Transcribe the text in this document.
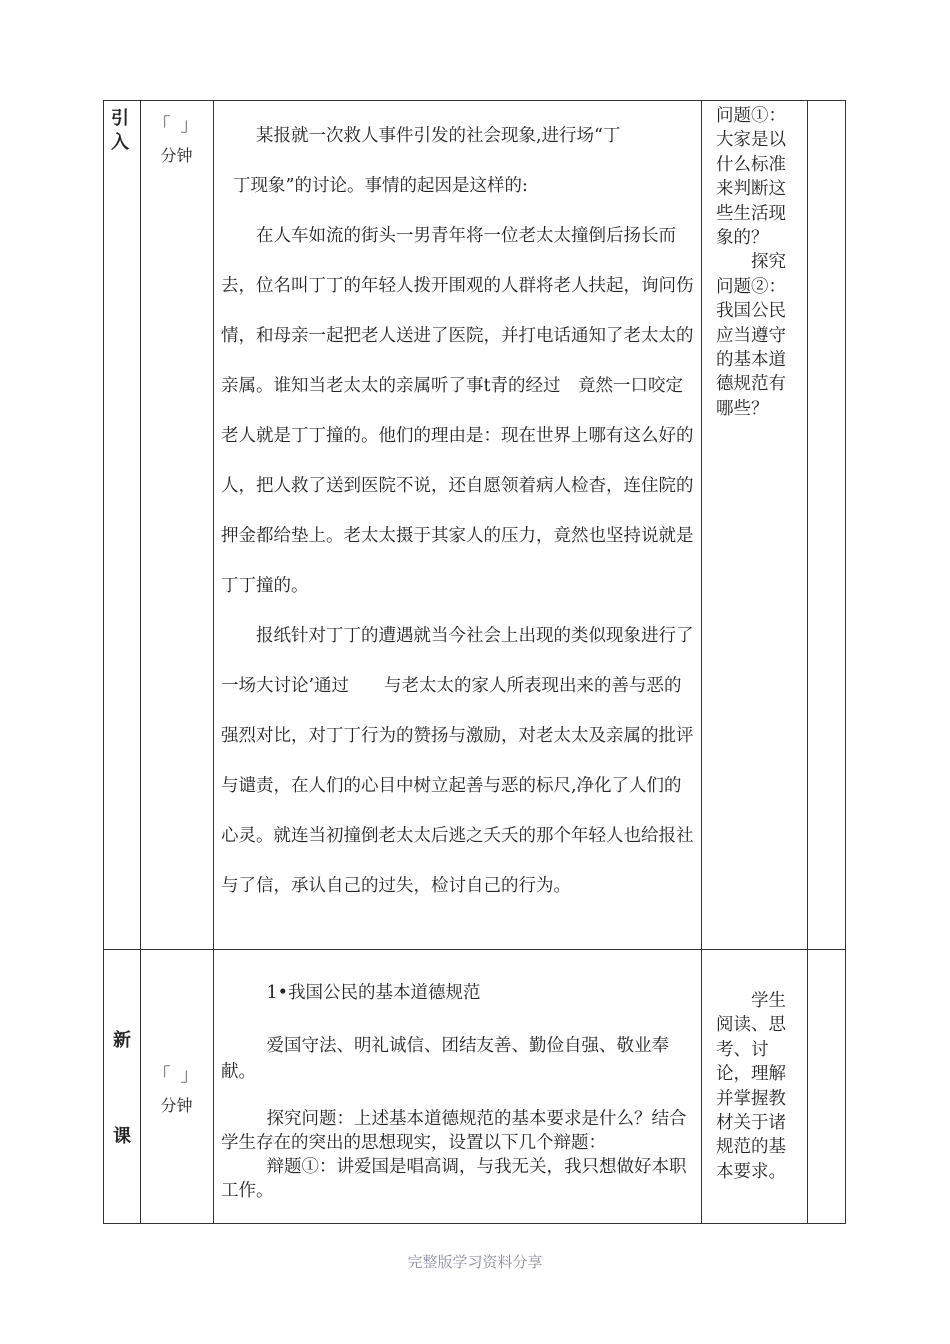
引入
「 」
分钟

某报就一次救人事件引发的社会现象,进行场“丁

丁现象”的讨论。事情的起因是这样的:

在人车如流的街头一男青年将一位老太太撞倒后扬长而去，位名叫丁丁的年轻人拨开围观的人群将老人扶起，询问伤情，和母亲一起把老人送进了医院，并打电话通知了老太太的亲属。谁知当老太太的亲属听了事t青的经过　竟然一口咬定老人就是丁丁撞的。他们的理由是：现在世界上哪有这么好的人，把人救了送到医院不说，还自愿领着病人检杳，连住院的押金都给垫上。老太太摄于其家人的压力，竟然也坚持说就是丁丁撞的。

报纸针对丁丁的遭遇就当今社会上出现的类似现象进行了一场大讨论’通过　　与老太太的家人所表现出来的善与恶的强烈对比，对丁丁行为的赞扬与激励，对老太太及亲属的批评与谴责，在人们的心目中树立起善与恶的标尺,净化了人们的心灵。就连当初撞倒老太太后逃之夭夭的那个年轻人也给报社与了信，承认自己的过失，检讨自己的行为。

问题①：大家是以什么标准来判断这些生活现象的？

探究问题②：我国公民应当遵守的基本道德规范有哪些？

新
课
「 」
分钟

1•我国公民的基本道德规范

爱国守法、明礼诚信、团结友善、勤俭自强、敬业奉献。

探究问题：上述基本道德规范的基本要求是什么？结合学生存在的突出的思想现实，设置以下几个辩题：

辩题①：讲爱国是唱高调，与我无关，我只想做好本职工作。

学生阅读、思考、讨论，理解并掌握教材关于诸规范的基本要求。

完整版学习资料分享
